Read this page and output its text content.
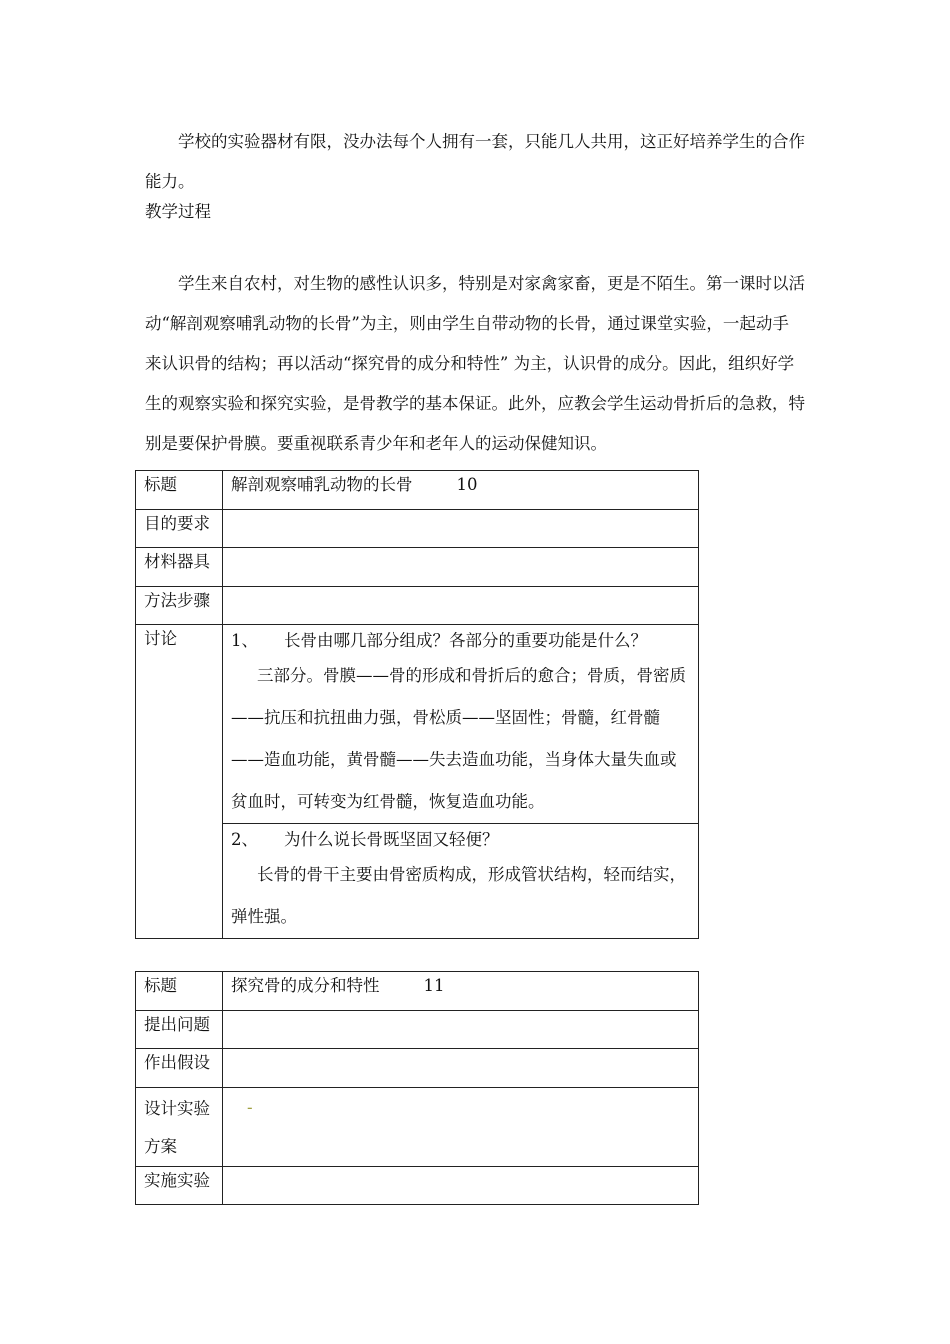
学校的实验器材有限，没办法每个人拥有一套，只能几人共用，这正好培养学生的合作能力。

教学过程

学生来自农村，对生物的感性认识多，特别是对家禽家畜，更是不陌生。第一课时以活动“解剖观察哺乳动物的长骨”为主，则由学生自带动物的长骨，通过课堂实验，一起动手来认识骨的结构；再以活动“探究骨的成分和特性” 为主，认识骨的成分。因此，组织好学生的观察实验和探究实验，是骨教学的基本保证。此外，应教会学生运动骨折后的急救，特别是要保护骨膜。要重视联系青少年和老年人的运动保健知识。

标题	解剖观察哺乳动物的长骨 10
目的要求	
材料器具	
方法步骤	
讨论	1、 长骨由哪几部分组成？各部分的重要功能是什么？

三部分。骨膜——骨的形成和骨折后的愈合；骨质，骨密质——抗压和抗扭曲力强，骨松质——坚固性；骨髓，红骨髓——造血功能，黄骨髓——失去造血功能，当身体大量失血或贫血时，可转变为红骨髓，恢复造血功能。

	2、 为什么说长骨既坚固又轻便？

长骨的骨干主要由骨密质构成，形成管状结构，轻而结实，弹性强。

标题	探究骨的成分和特性 11
提出问题	
作出假设	
设计实验方案	-
实施实验	
